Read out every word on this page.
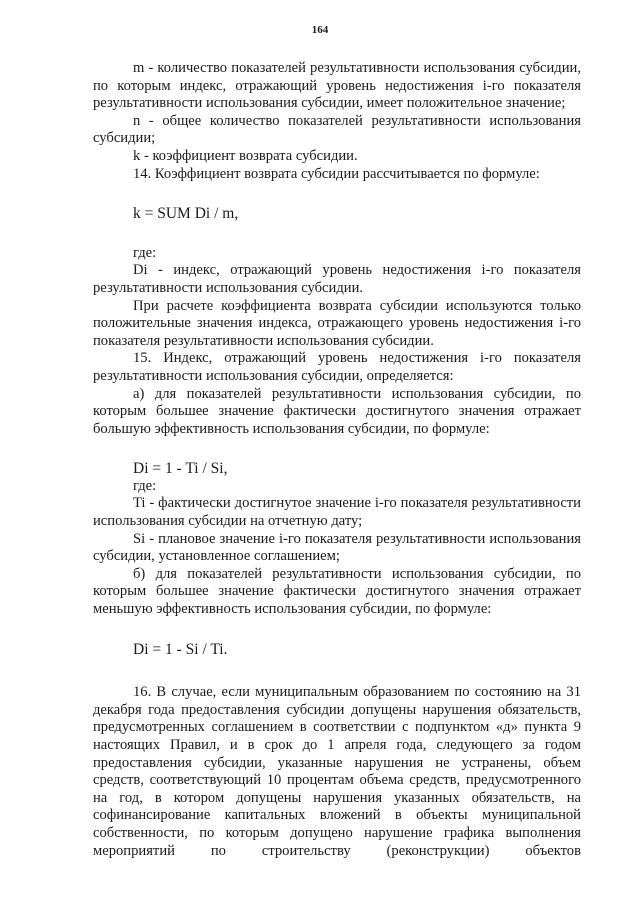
164

m - количество показателей результативности использования субсидии, по которым индекс, отражающий уровень недостижения i-го показателя результативности использования субсидии, имеет положительное значение;

n - общее количество показателей результативности использования субсидии;

k - коэффициент возврата субсидии.

14. Коэффициент возврата субсидии рассчитывается по формуле:

k = SUM Di / m,

где:

Di - индекс, отражающий уровень недостижения i-го показателя результативности использования субсидии.

При расчете коэффициента возврата субсидии используются только положительные значения индекса, отражающего уровень недостижения i-го показателя результативности использования субсидии.

15. Индекс, отражающий уровень недостижения i-го показателя результативности использования субсидии, определяется:

а) для показателей результативности использования субсидии, по которым большее значение фактически достигнутого значения отражает большую эффективность использования субсидии, по формуле:

Di = 1 - Ti / Si,

где:

Ti - фактически достигнутое значение i-го показателя результативности использования субсидии на отчетную дату;

Si - плановое значение i-го показателя результативности использования субсидии, установленное соглашением;

б) для показателей результативности использования субсидии, по которым большее значение фактически достигнутого значения отражает меньшую эффективность использования субсидии, по формуле:

Di = 1 - Si / Ti.

16. В случае, если муниципальным образованием по состоянию на 31 декабря года предоставления субсидии допущены нарушения обязательств, предусмотренных соглашением в соответствии с подпунктом «д» пункта 9 настоящих Правил, и в срок до 1 апреля года, следующего за годом предоставления субсидии, указанные нарушения не устранены, объем средств, соответствующий 10 процентам объема средств, предусмотренного на год, в котором допущены нарушения указанных обязательств, на софинансирование капитальных вложений в объекты муниципальной собственности, по которым допущено нарушение графика выполнения мероприятий по строительству (реконструкции) объектов
